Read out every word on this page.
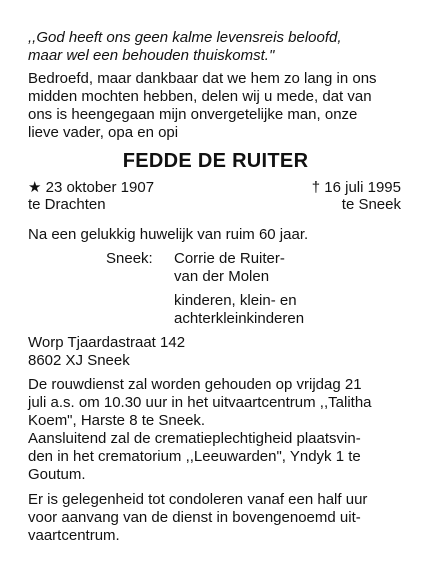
,,God heeft ons geen kalme levensreis beloofd,
maar wel een behouden thuiskomst."
Bedroefd, maar dankbaar dat we hem zo lang in ons
midden mochten hebben, delen wij u mede, dat van
ons is heengegaan mijn onvergetelijke man, onze
lieve vader, opa en opi
FEDDE DE RUITER
★ 23 oktober 1907
te Drachten
† 16 juli 1995
te Sneek
Na een gelukkig huwelijk van ruim 60 jaar.
Sneek: Corrie de Ruiter-
van der Molen
kinderen, klein- en
achterkleinkinderen
Worp Tjaardastraat 142
8602 XJ Sneek
De rouwdienst zal worden gehouden op vrijdag 21
juli a.s. om 10.30 uur in het uitvaartcentrum ,,Talitha
Koem", Harste 8 te Sneek.
Aansluitend zal de crematieplechtigheid plaatsvin-
den in het crematorium ,,Leeuwarden", Yndyk 1 te
Goutum.
Er is gelegenheid tot condoleren vanaf een half uur
voor aanvang van de dienst in bovengenoemd uit-
vaartcentrum.
